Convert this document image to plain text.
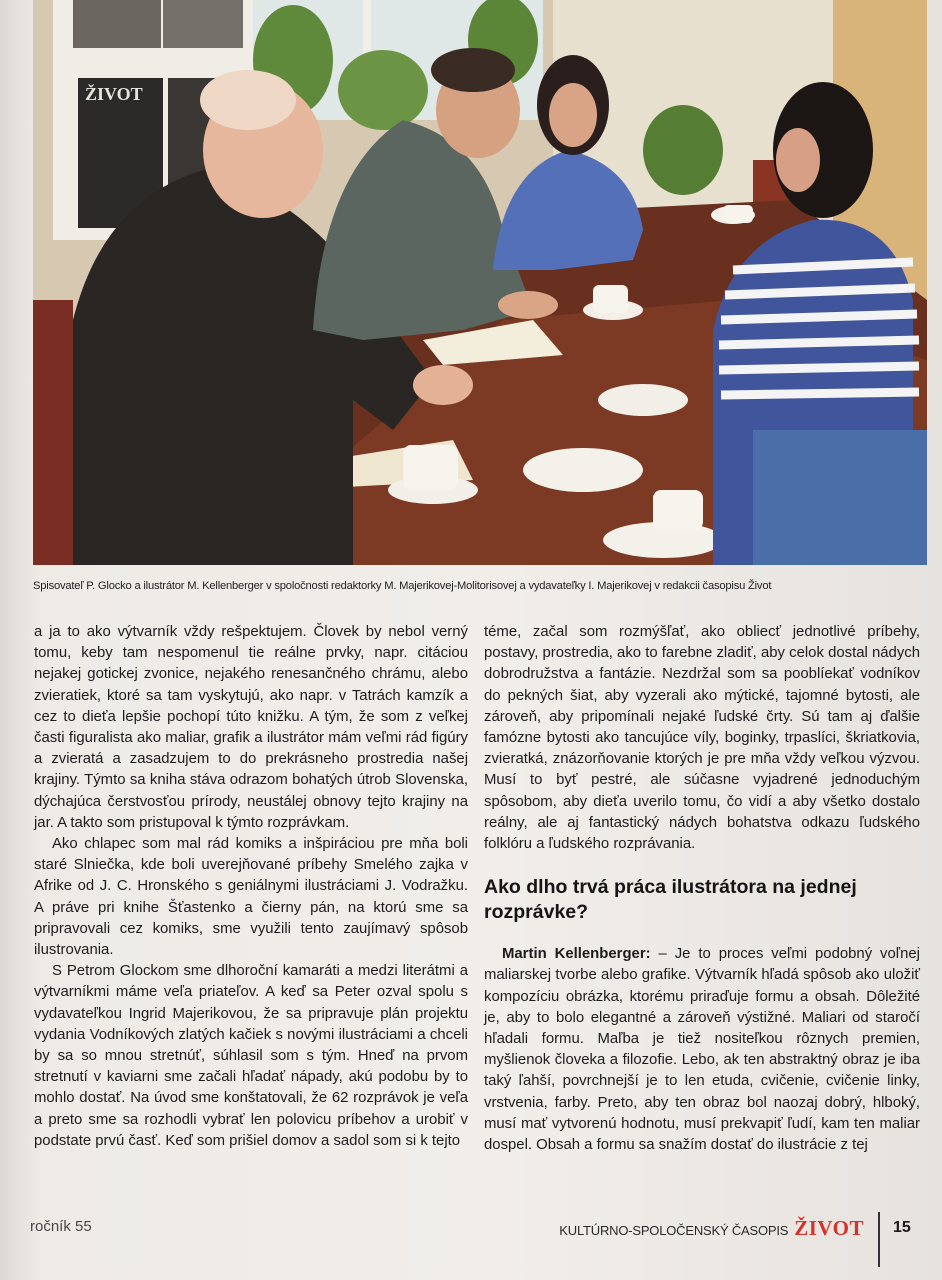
ŽIVOT
Spisovateľ P. Glocko a ilustrátor M. Kellenberger v spoločnosti redaktorky M. Majerikovej-Molitorisovej a vydavateľky I. Majerikovej v redakcii časopisu Život

a ja to ako výtvarník vždy rešpektujem. Človek by nebol verný tomu, keby tam nespomenul tie reálne prvky, napr. citáciou nejakej gotickej zvonice, nejakého renesančného chrámu, alebo zvieratiek, ktoré sa tam vyskytujú, ako napr. v Tatrách kamzík a cez to dieťa lepšie pochopí túto knižku. A tým, že som z veľkej časti figuralista ako maliar, grafik a ilustrátor mám veľmi rád figúry a zvieratá a zasadzujem to do prekrásneho prostredia našej krajiny. Týmto sa kniha stáva odrazom bohatých útrob Slovenska, dýchajúca čerstvosťou prírody, neustálej obnovy tejto krajiny na jar. A takto som pristupoval k týmto rozprávkam.

Ako chlapec som mal rád komiks a inšpiráciou pre mňa boli staré Slniečka, kde boli uverejňované príbehy Smelého zajka v Afrike od J. C. Hronského s geniálnymi ilustráciami J. Vodražku. A práve pri knihe Šťastenko a čierny pán, na ktorú sme sa pripravovali cez komiks, sme využili tento zaujímavý spôsob ilustrovania.

S Petrom Glockom sme dlhoroční kamaráti a medzi literátmi a výtvarníkmi máme veľa priateľov. A keď sa Peter ozval spolu s vydavateľkou Ingrid Majerikovou, že sa pripravuje plán projektu vydania Vodníkových zlatých kačiek s novými ilustráciami a chceli by sa so mnou stretnúť, súhlasil som s tým. Hneď na prvom stretnutí v kaviarni sme začali hľadať nápady, akú podobu by to mohlo dostať. Na úvod sme konštatovali, že 62 rozprávok je veľa a preto sme sa rozhodli vybrať len polovicu príbehov a urobiť v podstate prvú časť. Keď som prišiel domov a sadol som si k tejto

téme, začal som rozmýšľať, ako obliecť jednotlivé príbehy, postavy, prostredia, ako to farebne zladiť, aby celok dostal nádych dobrodružstva a fantázie. Nezdržal som sa pooblíekať vodníkov do pekných šiat, aby vyzerali ako mýtické, tajomné bytosti, ale zároveň, aby pripomínali nejaké ľudské črty. Sú tam aj ďalšie famózne bytosti ako tancujúce víly, boginky, trpaslíci, škriatkovia, zvieratká, znázorňovanie ktorých je pre mňa vždy veľkou výzvou. Musí to byť pestré, ale súčasne vyjadrené jednoduchým spôsobom, aby dieťa uverilo tomu, čo vidí a aby všetko dostalo reálny, ale aj fantastický nádych bohatstva odkazu ľudského folklóru a ľudského rozprávania.

Ako dlho trvá práca ilustrátora na jednej rozprávke?

Martin Kellenberger: – Je to proces veľmi podobný voľnej maliarskej tvorbe alebo grafike. Výtvarník hľadá spôsob ako uložiť kompozíciu obrázka, ktorému priraďuje formu a obsah. Dôležité je, aby to bolo elegantné a zároveň výstižné. Maliari od staročí hľadali formu. Maľba je tiež nositeľkou rôznych premien, myšlienok človeka a filozofie. Lebo, ak ten abstraktný obraz je iba taký ľahší, povrchnejší je to len etuda, cvičenie, cvičenie linky, vrstvenia, farby. Preto, aby ten obraz bol naozaj dobrý, hlboký, musí mať vytvorenú hodnotu, musí prekvapiť ľudí, kam ten maliar dospel. Obsah a formu sa snažím dostať do ilustrácie z tej

ročník 55	KULTÚRNO-SPOLOČENSKÝ ČASOPIS ŽIVOT 15
